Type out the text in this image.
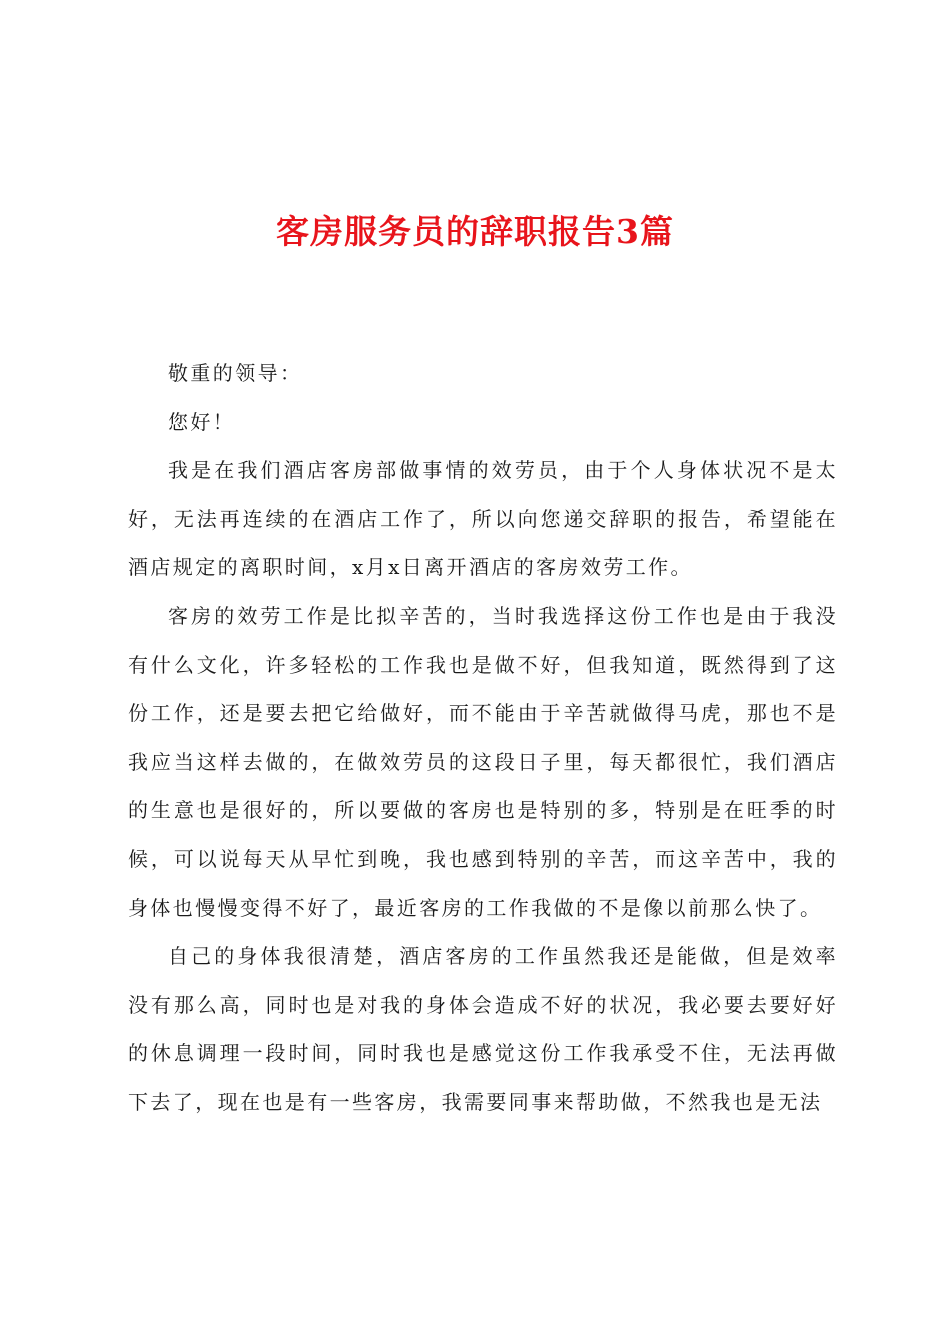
客房服务员的辞职报告3篇

敬重的领导：

您好！

我是在我们酒店客房部做事情的效劳员，由于个人身体状况不是太好，无法再连续的在酒店工作了，所以向您递交辞职的报告，希望能在酒店规定的离职时间，x月x日离开酒店的客房效劳工作。

客房的效劳工作是比拟辛苦的，当时我选择这份工作也是由于我没有什么文化，许多轻松的工作我也是做不好，但我知道，既然得到了这份工作，还是要去把它给做好，而不能由于辛苦就做得马虎，那也不是我应当这样去做的，在做效劳员的这段日子里，每天都很忙，我们酒店的生意也是很好的，所以要做的客房也是特别的多，特别是在旺季的时候，可以说每天从早忙到晚，我也感到特别的辛苦，而这辛苦中，我的身体也慢慢变得不好了，最近客房的工作我做的不是像以前那么快了。

自己的身体我很清楚，酒店客房的工作虽然我还是能做，但是效率没有那么高，同时也是对我的身体会造成不好的状况，我必要去要好好的休息调理一段时间，同时我也是感觉这份工作我承受不住，无法再做下去了，现在也是有一些客房，我需要同事来帮助做，不然我也是无法
